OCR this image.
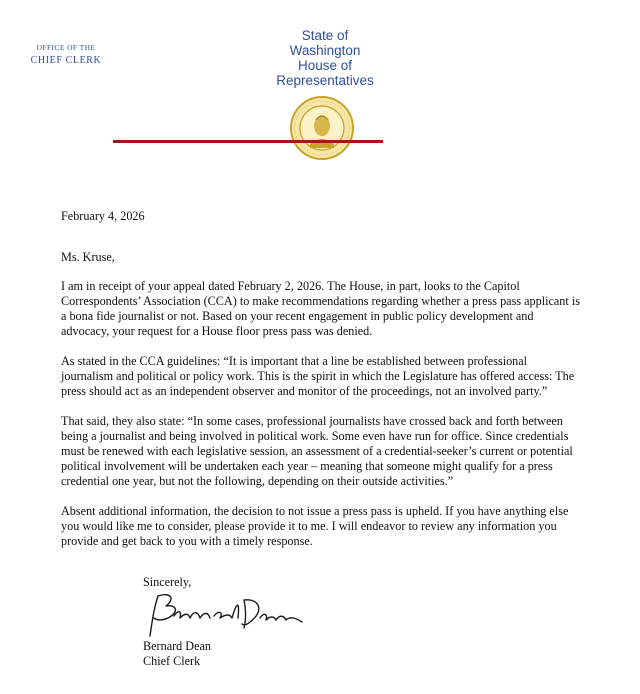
OFFICE OF THE
CHIEF CLERK
State of
Washington
House of
Representatives

February 4, 2026

Ms. Kruse,

I am in receipt of your appeal dated February 2, 2026. The House, in part, looks to the Capitol Correspondents’ Association (CCA) to make recommendations regarding whether a press pass applicant is a bona fide journalist or not. Based on your recent engagement in public policy development and advocacy, your request for a House floor press pass was denied.

As stated in the CCA guidelines: “It is important that a line be established between professional journalism and political or policy work. This is the spirit in which the Legislature has offered access: The press should act as an independent observer and monitor of the proceedings, not an involved party.”

That said, they also state: “In some cases, professional journalists have crossed back and forth between being a journalist and being involved in political work. Some even have run for office. Since credentials must be renewed with each legislative session, an assessment of a credential-seeker’s current or potential political involvement will be undertaken each year – meaning that someone might qualify for a press credential one year, but not the following, depending on their outside activities.”

Absent additional information, the decision to not issue a press pass is upheld. If you have anything else you would like me to consider, please provide it to me. I will endeavor to review any information you provide and get back to you with a timely response.

Sincerely,
Bernard Dean
Chief Clerk
